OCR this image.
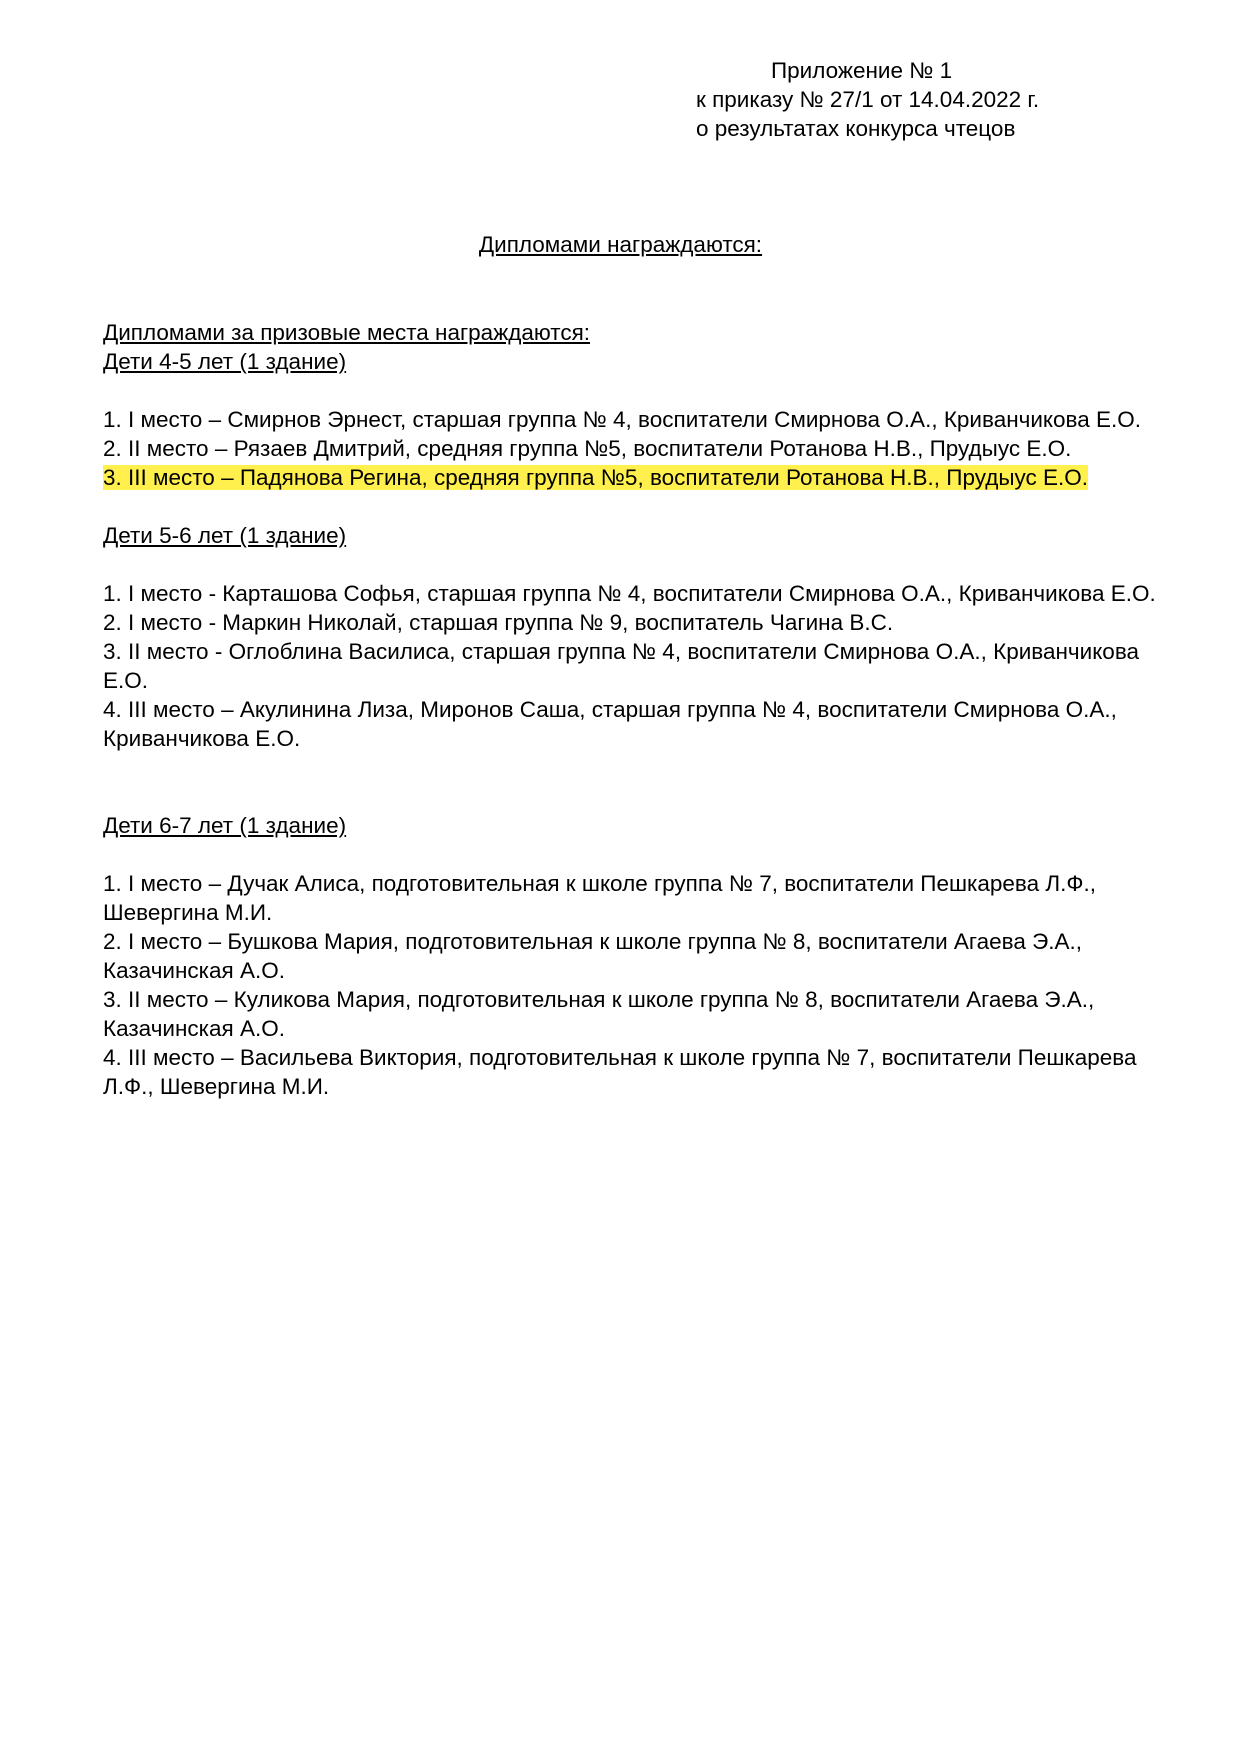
Приложение № 1
к приказу № 27/1 от 14.04.2022 г.
о результатах конкурса чтецов
Дипломами награждаются:
Дипломами за призовые места награждаются:
Дети 4-5 лет (1 здание)

1. I место – Смирнов Эрнест, старшая группа № 4, воспитатели Смирнова О.А., Криванчикова Е.О.

2. II место – Рязаев Дмитрий, средняя группа №5, воспитатели Ротанова Н.В., Прудыус Е.О.

3. III место – Падянова Регина, средняя группа №5, воспитатели Ротанова Н.В., Прудыус Е.О.

Дети 5-6 лет (1 здание)

1. I место - Карташова Софья, старшая группа № 4, воспитатели Смирнова О.А., Криванчикова Е.О.

2. I место - Маркин Николай, старшая группа № 9, воспитатель Чагина В.С.

3. II место - Оглоблина Василиса, старшая группа № 4, воспитатели Смирнова О.А., Криванчикова Е.О.

4. III место – Акулинина Лиза, Миронов Саша, старшая группа № 4, воспитатели Смирнова О.А., Криванчикова Е.О.

Дети 6-7 лет (1 здание)

1. I место – Дучак Алиса, подготовительная к школе группа № 7, воспитатели Пешкарева Л.Ф., Шевергина М.И.

2. I место – Бушкова Мария, подготовительная к школе группа № 8, воспитатели Агаева Э.А., Казачинская А.О.

3. II место – Куликова Мария, подготовительная к школе группа № 8, воспитатели Агаева Э.А., Казачинская А.О.

4. III место – Васильева Виктория, подготовительная к школе группа № 7, воспитатели Пешкарева Л.Ф., Шевергина М.И.
